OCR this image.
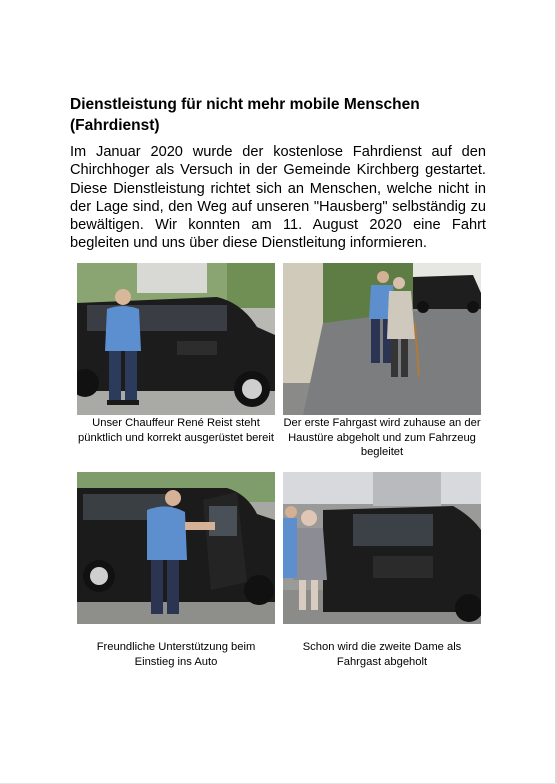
Dienstleistung für nicht mehr mobile Menschen (Fahrdienst)
Im Januar 2020 wurde der kostenlose Fahrdienst auf den Chirchhoger als Versuch in der Gemeinde Kirchberg gestartet. Diese Dienstleistung richtet sich an Menschen, welche nicht in der Lage sind, den Weg auf unseren "Hausberg" selbständig zu bewältigen. Wir konnten am 11. August 2020 eine Fahrt begleiten und uns über diese Dienstleitung informieren.
Unser Chauffeur René Reist steht pünktlich und korrekt ausgerüstet bereit
Der erste Fahrgast wird zuhause an der Haustüre abgeholt und zum Fahrzeug begleitet
Freundliche Unterstützung beim Einstieg ins Auto
Schon wird die zweite Dame als Fahrgast abgeholt
